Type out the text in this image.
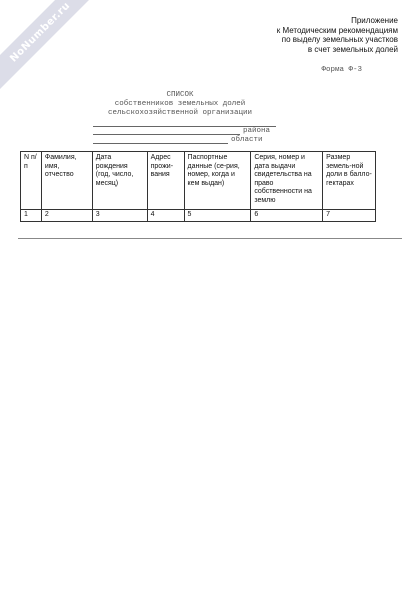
NoNumber.ru	Приложение
к Методическим рекомендациям
по выделу земельных участков
в счет земельных долей
Форма Ф-3
СПИСОК
собственников земельных долей
сельскохозяйственной организации
района
области
N п/п	Фамилия, имя, отчество	Дата рождения (год, число, месяц)	Адрес прожи-вания	Паспортные данные (се-рия, номер, когда и кем выдан)	Серия, номер и дата выдачи свидетельства на право собственности на землю	Размер земель-ной доли в балло-гектарах
1	2	3	4	5	6	7
